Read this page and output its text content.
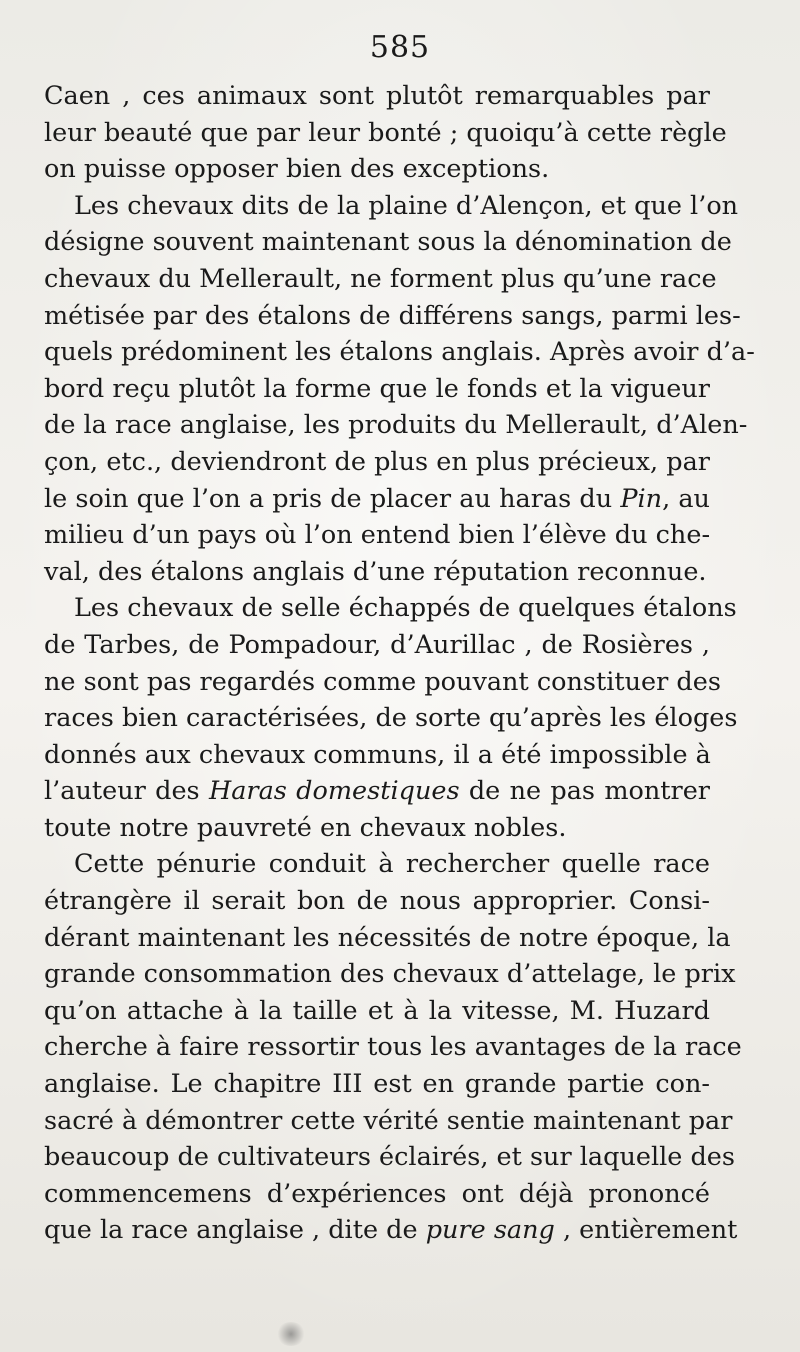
585
Caen , ces animaux sont plutôt remarquables par
leur beauté que par leur bonté ; quoiqu’à cette règle
on puisse opposer bien des exceptions.
Les chevaux dits de la plaine d’Alençon, et que l’on
désigne souvent maintenant sous la dénomination de
chevaux du Mellerault, ne forment plus qu’une race
métisée par des étalons de différens sangs, parmi les-
quels prédominent les étalons anglais. Après avoir d’a-
bord reçu plutôt la forme que le fonds et la vigueur
de la race anglaise, les produits du Mellerault, d’Alen-
çon, etc., deviendront de plus en plus précieux, par
le soin que l’on a pris de placer au haras du Pin, au
milieu d’un pays où l’on entend bien l’élève du che-
val, des étalons anglais d’une réputation reconnue.
Les chevaux de selle échappés de quelques étalons
de Tarbes, de Pompadour, d’Aurillac , de Rosières ,
ne sont pas regardés comme pouvant constituer des
races bien caractérisées, de sorte qu’après les éloges
donnés aux chevaux communs, il a été impossible à
l’auteur des Haras domestiques de ne pas montrer
toute notre pauvreté en chevaux nobles.
Cette pénurie conduit à rechercher quelle race
étrangère il serait bon de nous approprier. Consi-
dérant maintenant les nécessités de notre époque, la
grande consommation des chevaux d’attelage, le prix
qu’on attache à la taille et à la vitesse, M. Huzard
cherche à faire ressortir tous les avantages de la race
anglaise. Le chapitre III est en grande partie con-
sacré à démontrer cette vérité sentie maintenant par
beaucoup de cultivateurs éclairés, et sur laquelle des
commencemens d’expériences ont déjà prononcé
que la race anglaise , dite de pure sang , entièrement
